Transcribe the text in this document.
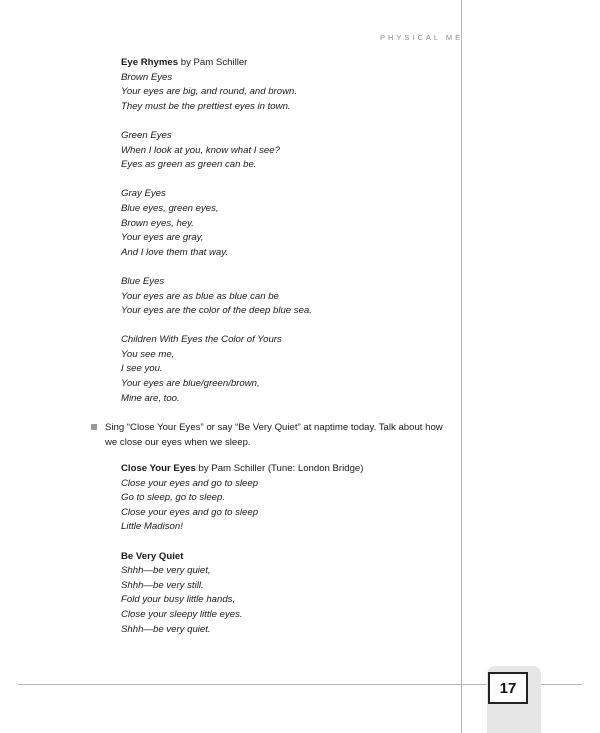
17
PHYSICAL ME
Eye Rhymes by Pam Schiller
Brown Eyes
Your eyes are big, and round, and brown.
They must be the prettiest eyes in town.
Green Eyes
When I look at you, know what I see?
Eyes as green as green can be.
Gray Eyes
Blue eyes, green eyes,
Brown eyes, hey.
Your eyes are gray,
And I love them that way.
Blue Eyes
Your eyes are as blue as blue can be
Your eyes are the color of the deep blue sea.
Children With Eyes the Color of Yours
You see me,
I see you.
Your eyes are blue/green/brown,
Mine are, too.
Sing “Close Your Eyes” or say “Be Very Quiet” at naptime today. Talk about how
we close our eyes when we sleep.
Close Your Eyes by Pam Schiller (Tune: London Bridge)
Close your eyes and go to sleep
Go to sleep, go to sleep.
Close your eyes and go to sleep
Little Madison!
Be Very Quiet
Shhh—be very quiet,
Shhh—be very still.
Fold your busy little hands,
Close your sleepy little eyes.
Shhh—be very quiet.
